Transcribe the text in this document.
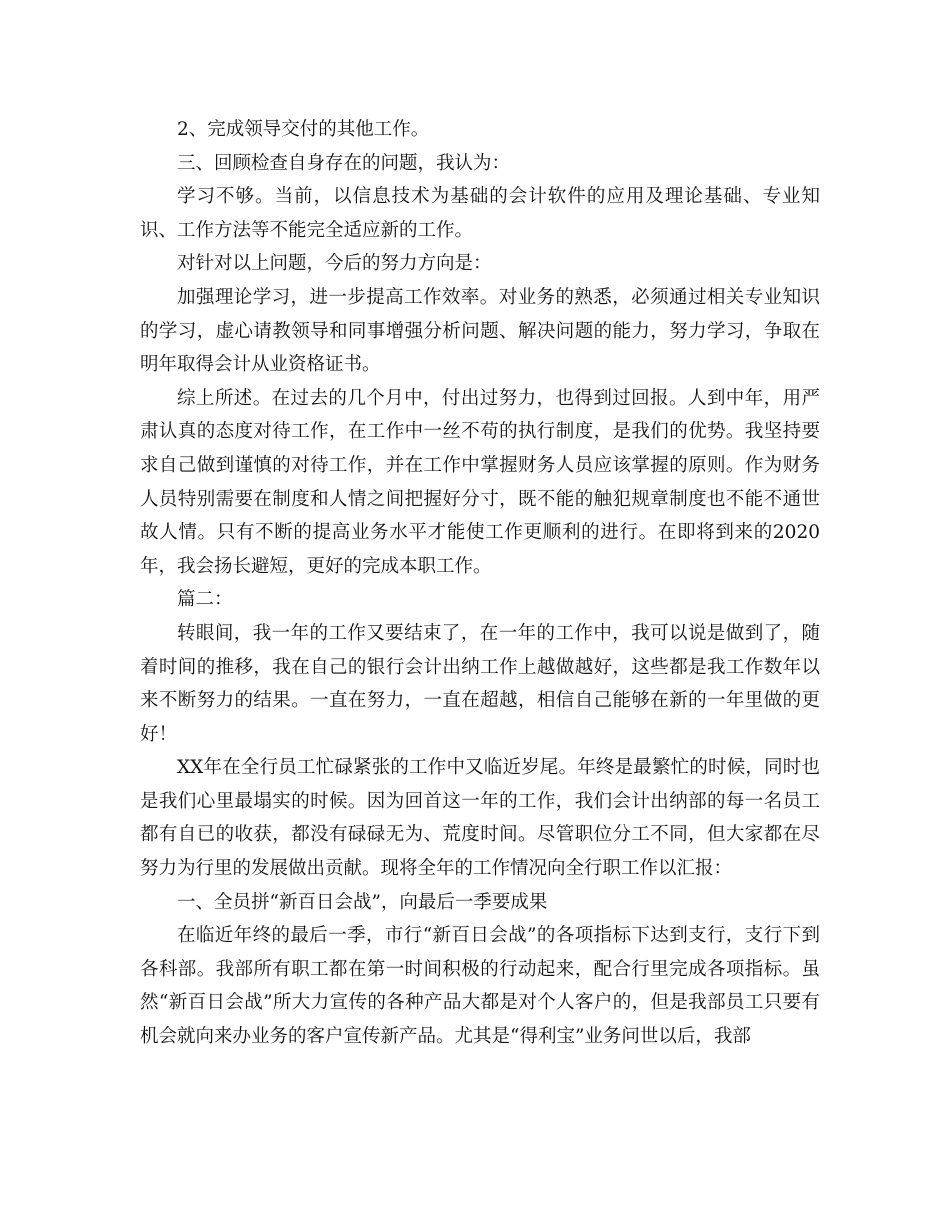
2、完成领导交付的其他工作。

三、回顾检查自身存在的问题，我认为：

学习不够。当前，以信息技术为基础的会计软件的应用及理论基础、专业知识、工作方法等不能完全适应新的工作。

对针对以上问题，今后的努力方向是：

加强理论学习，进一步提高工作效率。对业务的熟悉，必须通过相关专业知识的学习，虚心请教领导和同事增强分析问题、解决问题的能力，努力学习，争取在明年取得会计从业资格证书。

综上所述。在过去的几个月中，付出过努力，也得到过回报。人到中年，用严肃认真的态度对待工作，在工作中一丝不苟的执行制度，是我们的优势。我坚持要求自己做到谨慎的对待工作，并在工作中掌握财务人员应该掌握的原则。作为财务人员特别需要在制度和人情之间把握好分寸，既不能的触犯规章制度也不能不通世故人情。只有不断的提高业务水平才能使工作更顺利的进行。在即将到来的2020年，我会扬长避短，更好的完成本职工作。

篇二：

转眼间，我一年的工作又要结束了，在一年的工作中，我可以说是做到了，随着时间的推移，我在自己的银行会计出纳工作上越做越好，这些都是我工作数年以来不断努力的结果。一直在努力，一直在超越，相信自己能够在新的一年里做的更好！

XX年在全行员工忙碌紧张的工作中又临近岁尾。年终是最繁忙的时候，同时也是我们心里最塌实的时候。因为回首这一年的工作，我们会计出纳部的每一名员工都有自已的收获，都没有碌碌无为、荒度时间。尽管职位分工不同，但大家都在尽努力为行里的发展做出贡献。现将全年的工作情况向全行职工作以汇报：

一、全员拼“新百日会战”，向最后一季要成果

在临近年终的最后一季，市行“新百日会战”的各项指标下达到支行，支行下到各科部。我部所有职工都在第一时间积极的行动起来，配合行里完成各项指标。虽然“新百日会战”所大力宣传的各种产品大都是对个人客户的，但是我部员工只要有机会就向来办业务的客户宣传新产品。尤其是“得利宝”业务问世以后，我部
